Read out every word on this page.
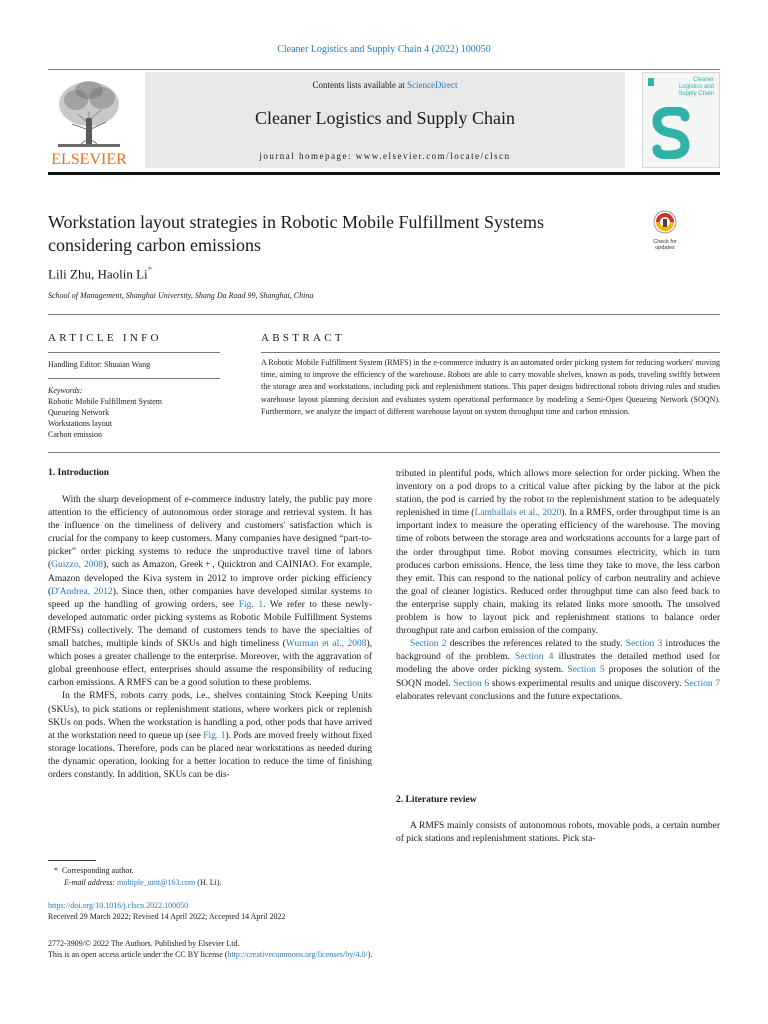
Cleaner Logistics and Supply Chain 4 (2022) 100050
ELSEVIER
Contents lists available at ScienceDirect
Cleaner Logistics and Supply Chain
journal homepage: www.elsevier.com/locate/clscn
Cleaner
Logistics and
Supply Chain
Workstation layout strategies in Robotic Mobile Fulfillment Systems considering carbon emissions	Check for
updates
Lili Zhu, Haolin Li*
School of Management, Shanghai University, Shang Da Road 99, Shanghai, China
ARTICLE INFO
Handling Editor: Shuaian Wang
Keywords:
Robotic Mobile Fulfillment System
Queueing Network
Workstations layout
Carbon emission
ABSTRACT
A Robotic Mobile Fulfillment System (RMFS) in the e-commerce industry is an automated order picking system for reducing workers' moving time, aiming to improve the efficiency of the warehouse. Robots are able to carry movable shelves, known as pods, traveling swiftly between the storage area and workstations, including pick and replenishment stations. This paper designs bidirectional robots driving rules and studies warehouse layout planning decision and evaluates system operational performance by modeling a Semi-Open Queueing Network (SOQN). Furthermore, we analyze the impact of different warehouse layout on system throughput time and carbon emission.
1. Introduction

With the sharp development of e-commerce industry lately, the public pay more attention to the efficiency of autonomous order storage and retrieval system. It has the influence on the timeliness of delivery and customers' satisfaction which is crucial for the company to keep customers. Many companies have designed “part-to-picker” order picking systems to reduce the unproductive travel time of labors (Guizzo, 2008), such as Amazon, Greek + , Quicktron and CAINIAO. For example, Amazon developed the Kiva system in 2012 to improve order picking efficiency (D'Andrea, 2012). Since then, other companies have developed similar systems to speed up the handling of growing orders, see Fig. 1. We refer to these newly-developed automatic order picking systems as Robotic Mobile Fulfillment Systems (RMFSs) collectively. The demand of customers tends to have the specialties of small batches, multiple kinds of SKUs and high timeliness (Wurman et al., 2008), which poses a greater challenge to the enterprise. Moreover, with the aggravation of global greenhouse effect, enterprises should assume the responsibility of reducing carbon emissions. A RMFS can be a good solution to these problems.

In the RMFS, robots carry pods, i.e., shelves containing Stock Keeping Units (SKUs), to pick stations or replenishment stations, where workers pick or replenish SKUs on pods. When the workstation is handling a pod, other pods that have arrived at the workstation need to queue up (see Fig. 1). Pods are moved freely without fixed storage locations. Therefore, pods can be placed near workstations as needed during the dynamic operation, looking for a better location to reduce the time of finishing orders constantly. In addition, SKUs can be dis-

tributed in plentiful pods, which allows more selection for order picking. When the inventory on a pod drops to a critical value after picking by the labor at the pick station, the pod is carried by the robot to the replenishment station to be adequately replenished in time (Lamballais et al., 2020). In a RMFS, order throughput time is an important index to measure the operating efficiency of the warehouse. The moving time of robots between the storage area and workstations accounts for a large part of the order throughput time. Robot moving consumes electricity, which in turn produces carbon emissions. Hence, the less time they take to move, the less carbon they emit. This can respond to the national policy of carbon neutrality and achieve the goal of cleaner logistics. Reduced order throughput time can also feed back to the enterprise supply chain, making its related links more smooth. The unsolved problem is how to layout pick and replenishment stations to balance order throughput rate and carbon emission of the company.

Section 2 describes the references related to the study. Section 3 introduces the background of the problem. Section 4 illustrates the detailed method used for modeling the above order picking system. Section 5 proposes the solution of the SOQN model. Section 6 shows experimental results and unique discovery. Section 7 elaborates relevant conclusions and the future expectations.

2. Literature review

A RMFS mainly consists of autonomous robots, movable pods, a certain number of pick stations and replenishment stations. Pick sta-

* Corresponding author.
E-mail address: multiple_unit@163.com (H. Li).
https://doi.org/10.1016/j.clscn.2022.100050
Received 29 March 2022; Revised 14 April 2022; Accepted 14 April 2022
2772-3909/© 2022 The Authors. Published by Elsevier Ltd.
This is an open access article under the CC BY license (http://creativecommons.org/licenses/by/4.0/).
